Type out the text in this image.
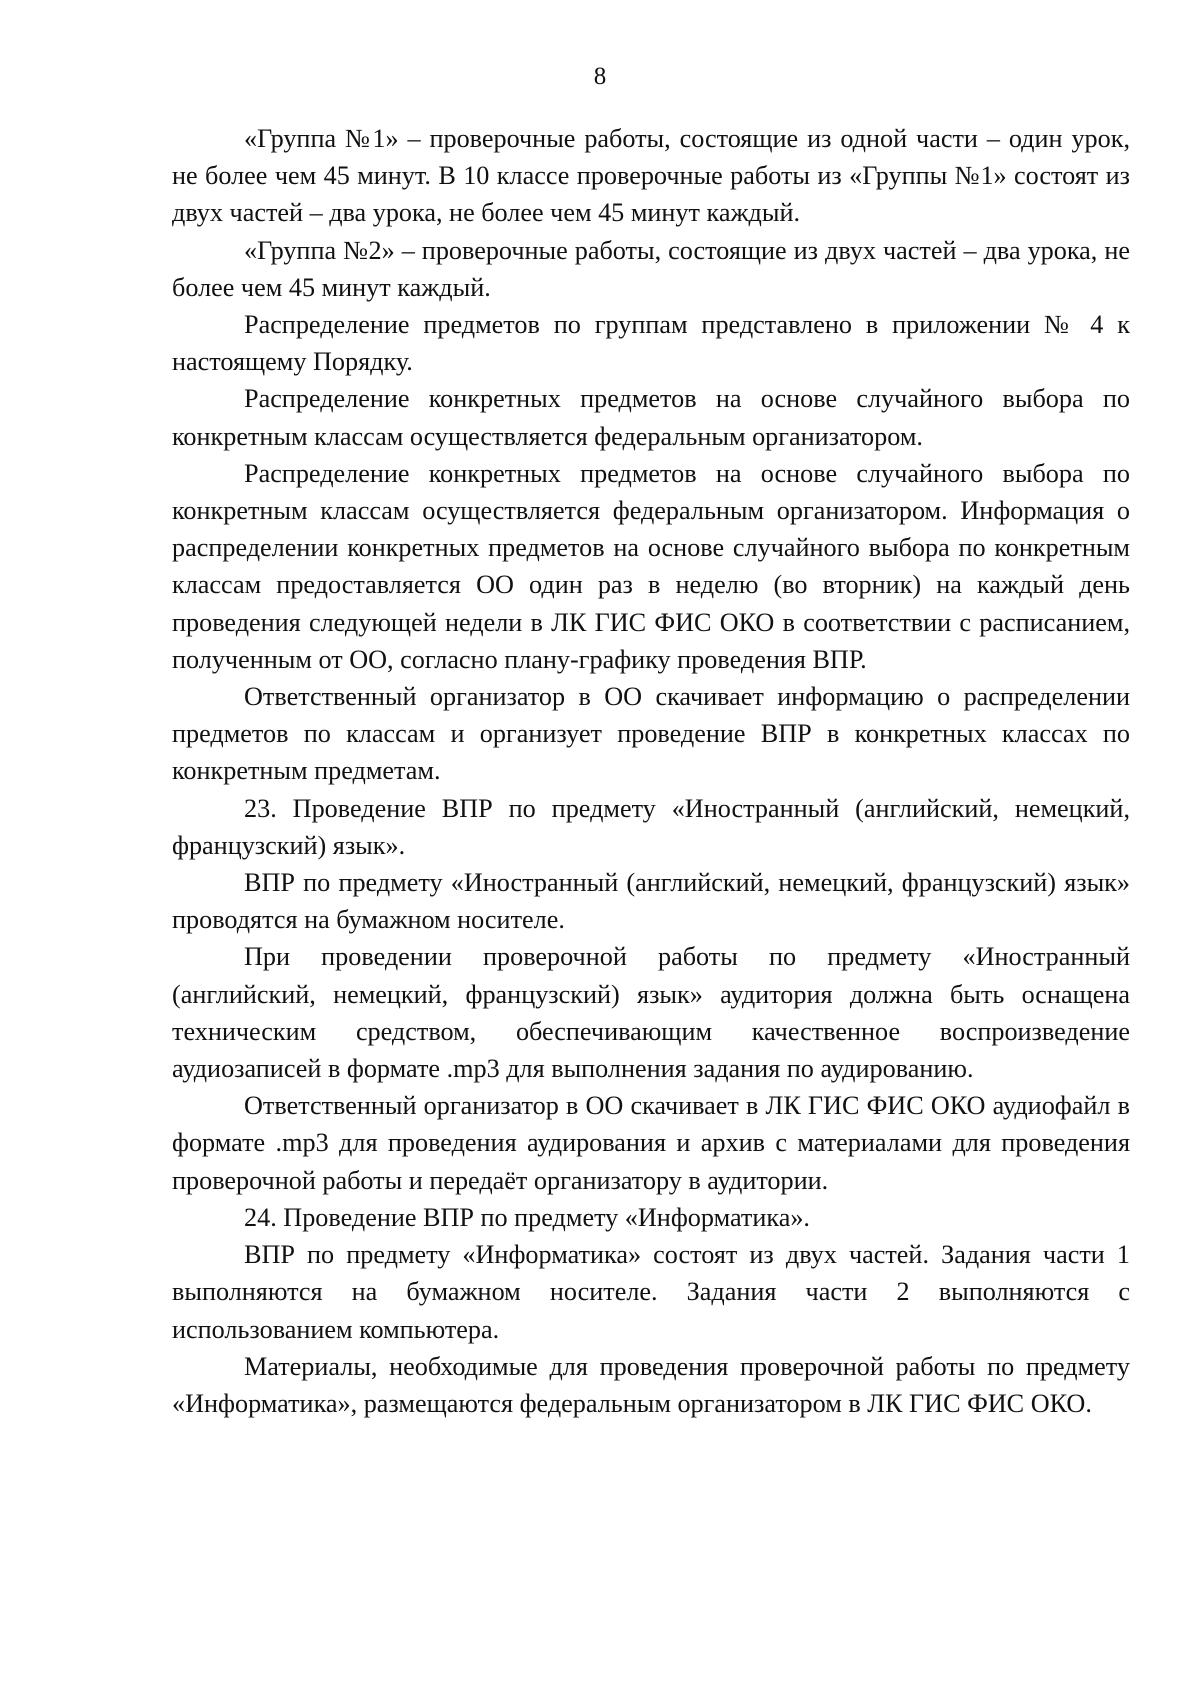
8

«Группа №1» – проверочные работы, состоящие из одной части – один урок, не более чем 45 минут. В 10 классе проверочные работы из «Группы №1» состоят из двух частей – два урока, не более чем 45 минут каждый.

«Группа №2» – проверочные работы, состоящие из двух частей – два урока, не более чем 45 минут каждый.

Распределение предметов по группам представлено в приложении № 4 к настоящему Порядку.

Распределение конкретных предметов на основе случайного выбора по конкретным классам осуществляется федеральным организатором.

Распределение конкретных предметов на основе случайного выбора по конкретным классам осуществляется федеральным организатором. Информация о распределении конкретных предметов на основе случайного выбора по конкретным классам предоставляется ОО один раз в неделю (во вторник) на каждый день проведения следующей недели в ЛК ГИС ФИС ОКО в соответствии с расписанием, полученным от ОО, согласно плану-графику проведения ВПР.

Ответственный организатор в ОО скачивает информацию о распределении предметов по классам и организует проведение ВПР в конкретных классах по конкретным предметам.

23. Проведение ВПР по предмету «Иностранный (английский, немецкий, французский) язык».

ВПР по предмету «Иностранный (английский, немецкий, французский) язык» проводятся на бумажном носителе.

При проведении проверочной работы по предмету «Иностранный (английский, немецкий, французский) язык» аудитория должна быть оснащена техническим средством, обеспечивающим качественное воспроизведение аудиозаписей в формате .mp3 для выполнения задания по аудированию.

Ответственный организатор в ОО скачивает в ЛК ГИС ФИС ОКО аудиофайл в формате .mp3 для проведения аудирования и архив с материалами для проведения проверочной работы и передаёт организатору в аудитории.

24. Проведение ВПР по предмету «Информатика».

ВПР по предмету «Информатика» состоят из двух частей. Задания части 1 выполняются на бумажном носителе. Задания части 2 выполняются с использованием компьютера.

Материалы, необходимые для проведения проверочной работы по предмету «Информатика», размещаются федеральным организатором в ЛК ГИС ФИС ОКО.
